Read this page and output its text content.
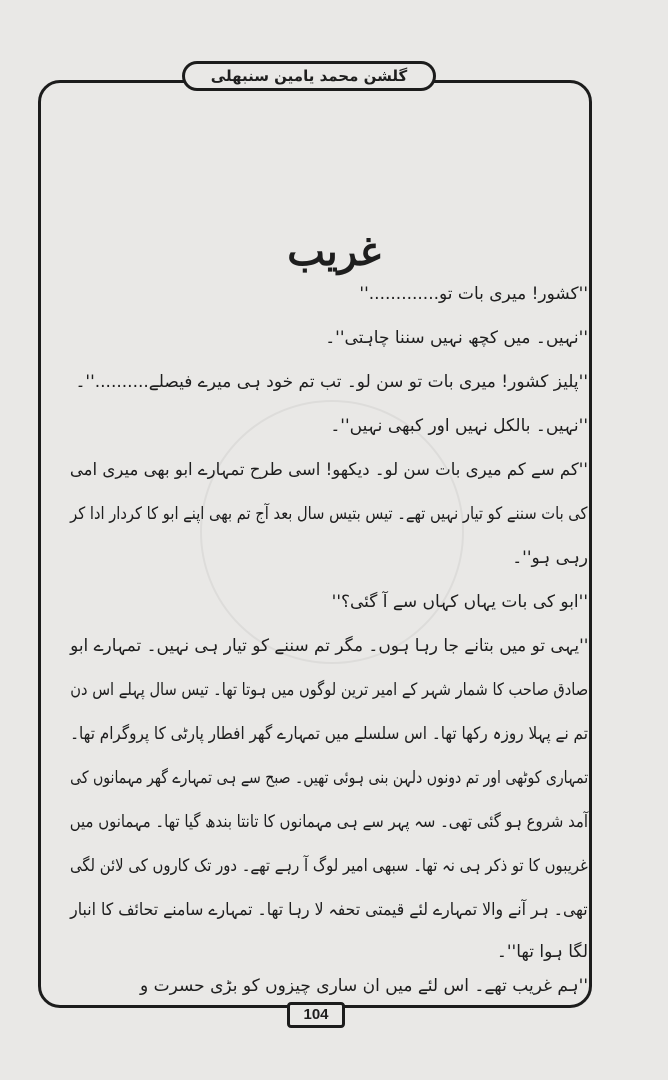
گلشن محمد یامین سنبھلی
غریب
''کشور! میری بات تو.............''
''نہیں۔ میں کچھ نہیں سننا چاہتی''۔
''پلیز کشور! میری بات تو سن لو۔ تب تم خود ہی میرے فیصلے..........''۔
''نہیں۔ بالکل نہیں اور کبھی نہیں''۔
''کم سے کم میری بات سن لو۔ دیکھو! اسی طرح تمہارے ابو بھی میری امی
کی بات سننے کو تیار نہیں تھے۔ تیس بتیس سال بعد آج تم بھی اپنے ابو کا کردار ادا کر
رہی ہو''۔
''ابو کی بات یہاں کہاں سے آ گئی؟''
''یہی تو میں بتانے جا رہا ہوں۔ مگر تم سننے کو تیار ہی نہیں۔ تمہارے ابو
صادق صاحب کا شمار شہر کے امیر ترین لوگوں میں ہوتا تھا۔ تیس سال پہلے اس دن
تم نے پہلا روزہ رکھا تھا۔ اس سلسلے میں تمہارے گھر افطار پارٹی کا پروگرام تھا۔
تمہاری کوٹھی اور تم دونوں دلہن بنی ہوئی تھیں۔ صبح سے ہی تمہارے گھر مہمانوں کی
آمد شروع ہو گئی تھی۔ سہ پہر سے ہی مہمانوں کا تانتا بندھ گیا تھا۔ مہمانوں میں
غریبوں کا تو ذکر ہی نہ تھا۔ سبھی امیر لوگ آ رہے تھے۔ دور تک کاروں کی لائن لگی
تھی۔ ہر آنے والا تمہارے لئے قیمتی تحفہ لا رہا تھا۔ تمہارے سامنے تحائف کا انبار
لگا ہوا تھا''۔
''ہم غریب تھے۔ اس لئے میں ان ساری چیزوں کو بڑی حسرت و
104
